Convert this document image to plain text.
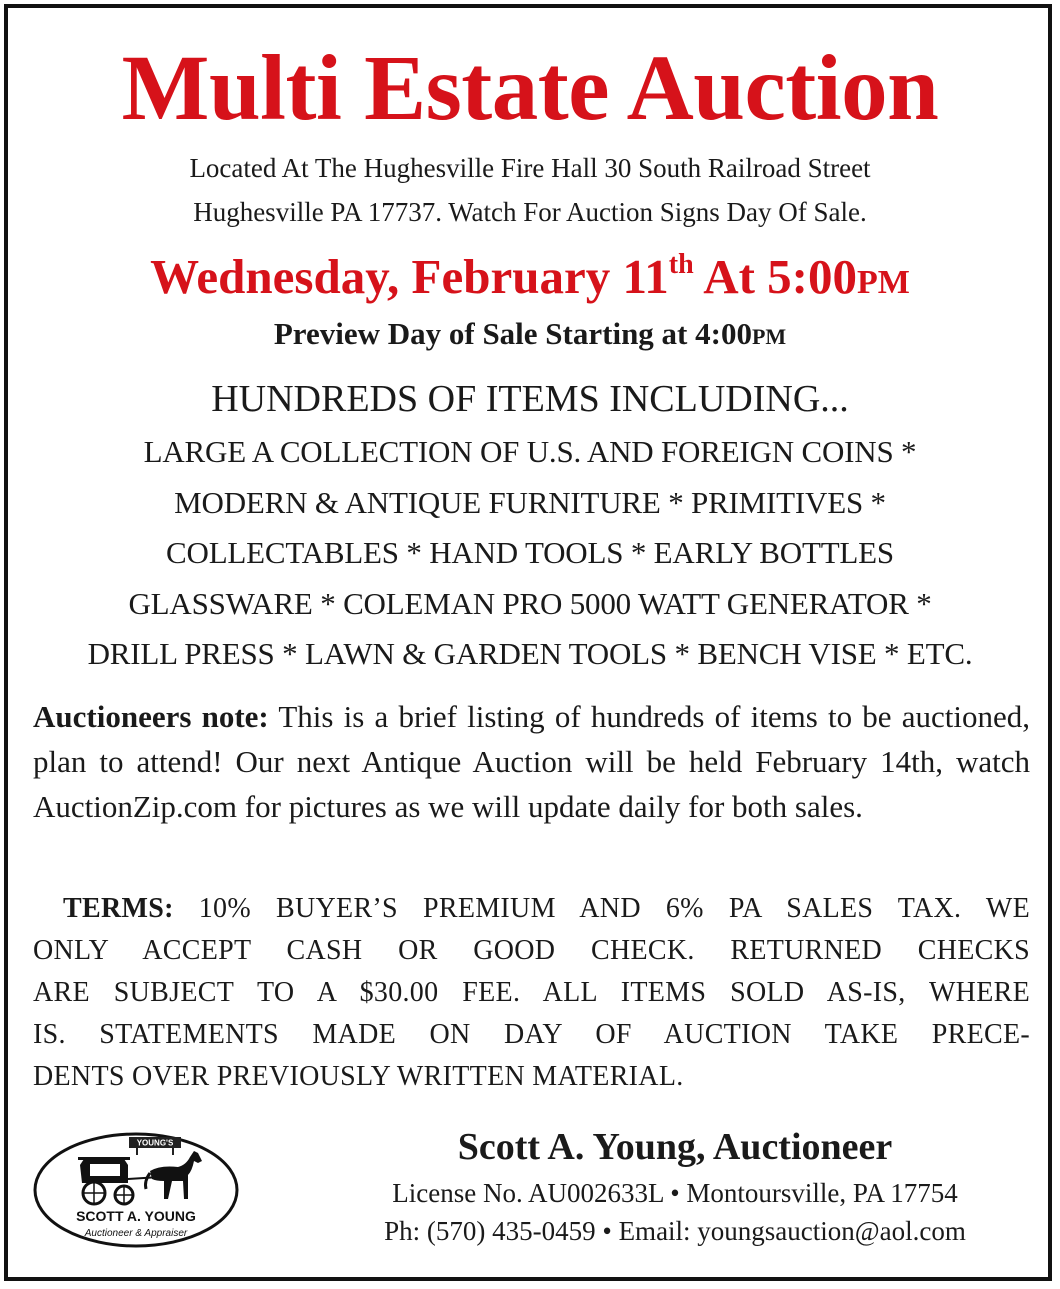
Multi Estate Auction
Located At The Hughesville Fire Hall 30 South Railroad Street
Hughesville PA 17737. Watch For Auction Signs Day Of Sale.
Wednesday, February 11th At 5:00pm
Preview Day of Sale Starting at 4:00pm
HUNDREDS OF ITEMS INCLUDING...
LARGE A COLLECTION OF U.S. AND FOREIGN COINS *
MODERN & ANTIQUE FURNITURE * PRIMITIVES *
COLLECTABLES * HAND TOOLS * EARLY BOTTLES
GLASSWARE * COLEMAN PRO 5000 WATT GENERATOR *
DRILL PRESS * LAWN & GARDEN TOOLS * BENCH VISE * ETC.
Auctioneers note: This is a brief listing of hundreds of items to be auctioned, plan to attend! Our next Antique Auction will be held February 14th, watch AuctionZip.com for pictures as we will update daily for both sales.
TERMS: 10% BUYER’S PREMIUM AND 6% PA SALES TAX. WE
ONLY ACCEPT CASH OR GOOD CHECK. RETURNED CHECKS
ARE SUBJECT TO A $30.00 FEE. ALL ITEMS SOLD AS-IS, WHERE
IS. STATEMENTS MADE ON DAY OF AUCTION TAKE PRECE-
DENTS OVER PREVIOUSLY WRITTEN MATERIAL.
YOUNG'S
SCOTT A. YOUNG
Auctioneer & Appraiser
Scott A. Young, Auctioneer
License No. AU002633L • Montoursville, PA 17754
Ph: (570) 435-0459 • Email: youngsauction@aol.com
